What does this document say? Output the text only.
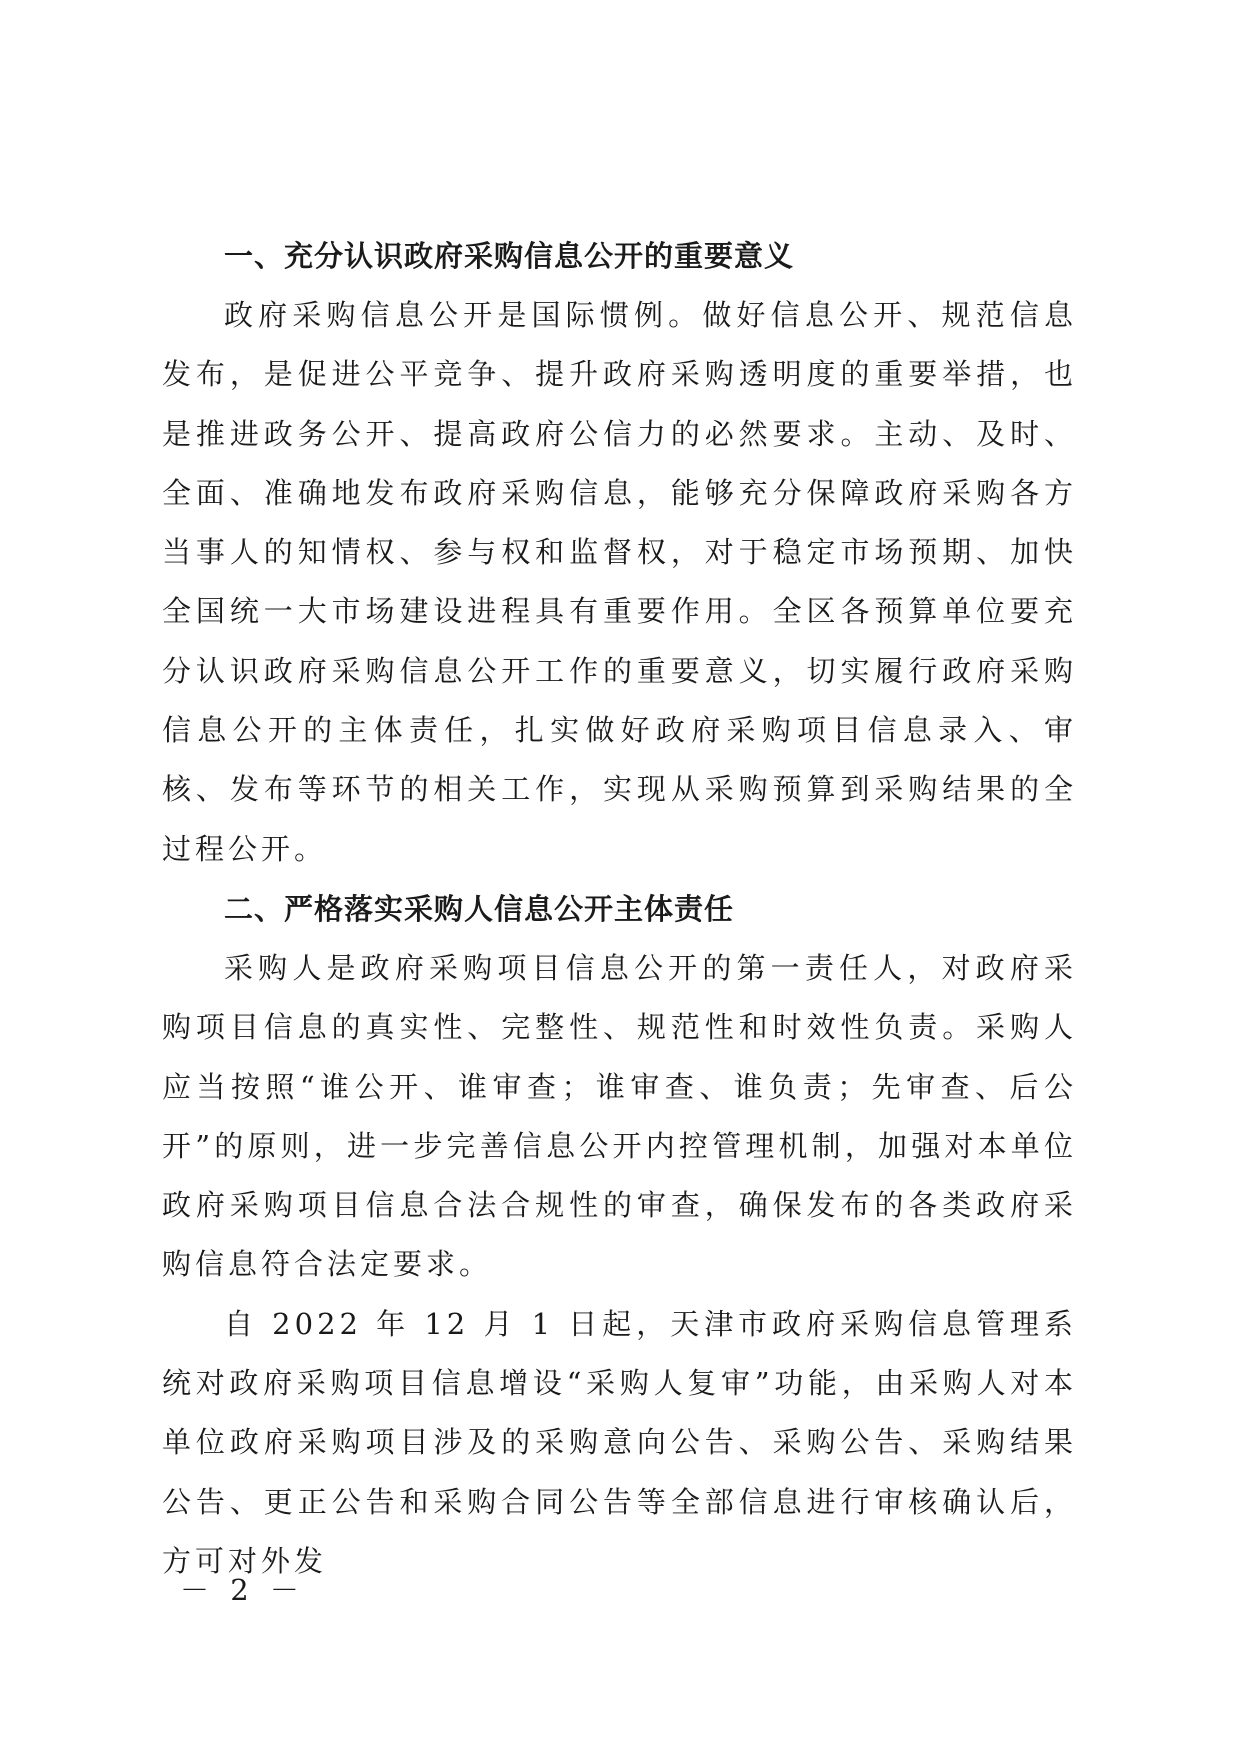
一、充分认识政府采购信息公开的重要意义

政府采购信息公开是国际惯例。做好信息公开、规范信息发布，是促进公平竞争、提升政府采购透明度的重要举措，也是推进政务公开、提高政府公信力的必然要求。主动、及时、全面、准确地发布政府采购信息，能够充分保障政府采购各方当事人的知情权、参与权和监督权，对于稳定市场预期、加快全国统一大市场建设进程具有重要作用。全区各预算单位要充分认识政府采购信息公开工作的重要意义，切实履行政府采购信息公开的主体责任，扎实做好政府采购项目信息录入、审核、发布等环节的相关工作，实现从采购预算到采购结果的全过程公开。

二、严格落实采购人信息公开主体责任

采购人是政府采购项目信息公开的第一责任人，对政府采购项目信息的真实性、完整性、规范性和时效性负责。采购人应当按照“谁公开、谁审查；谁审查、谁负责；先审查、后公开”的原则，进一步完善信息公开内控管理机制，加强对本单位政府采购项目信息合法合规性的审查，确保发布的各类政府采购信息符合法定要求。

自 2022 年 12 月 1 日起，天津市政府采购信息管理系统对政府采购项目信息增设“采购人复审”功能，由采购人对本单位政府采购项目涉及的采购意向公告、采购公告、采购结果公告、更正公告和采购合同公告等全部信息进行审核确认后，方可对外发

－ 2 －
